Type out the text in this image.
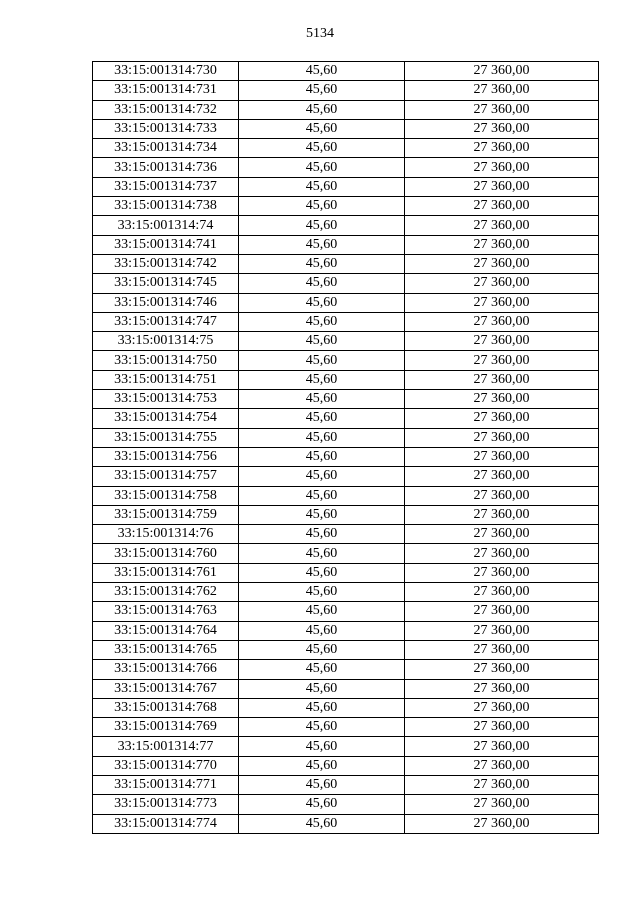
5134
33:15:001314:730	45,60	27 360,00
33:15:001314:731	45,60	27 360,00
33:15:001314:732	45,60	27 360,00
33:15:001314:733	45,60	27 360,00
33:15:001314:734	45,60	27 360,00
33:15:001314:736	45,60	27 360,00
33:15:001314:737	45,60	27 360,00
33:15:001314:738	45,60	27 360,00
33:15:001314:74	45,60	27 360,00
33:15:001314:741	45,60	27 360,00
33:15:001314:742	45,60	27 360,00
33:15:001314:745	45,60	27 360,00
33:15:001314:746	45,60	27 360,00
33:15:001314:747	45,60	27 360,00
33:15:001314:75	45,60	27 360,00
33:15:001314:750	45,60	27 360,00
33:15:001314:751	45,60	27 360,00
33:15:001314:753	45,60	27 360,00
33:15:001314:754	45,60	27 360,00
33:15:001314:755	45,60	27 360,00
33:15:001314:756	45,60	27 360,00
33:15:001314:757	45,60	27 360,00
33:15:001314:758	45,60	27 360,00
33:15:001314:759	45,60	27 360,00
33:15:001314:76	45,60	27 360,00
33:15:001314:760	45,60	27 360,00
33:15:001314:761	45,60	27 360,00
33:15:001314:762	45,60	27 360,00
33:15:001314:763	45,60	27 360,00
33:15:001314:764	45,60	27 360,00
33:15:001314:765	45,60	27 360,00
33:15:001314:766	45,60	27 360,00
33:15:001314:767	45,60	27 360,00
33:15:001314:768	45,60	27 360,00
33:15:001314:769	45,60	27 360,00
33:15:001314:77	45,60	27 360,00
33:15:001314:770	45,60	27 360,00
33:15:001314:771	45,60	27 360,00
33:15:001314:773	45,60	27 360,00
33:15:001314:774	45,60	27 360,00
